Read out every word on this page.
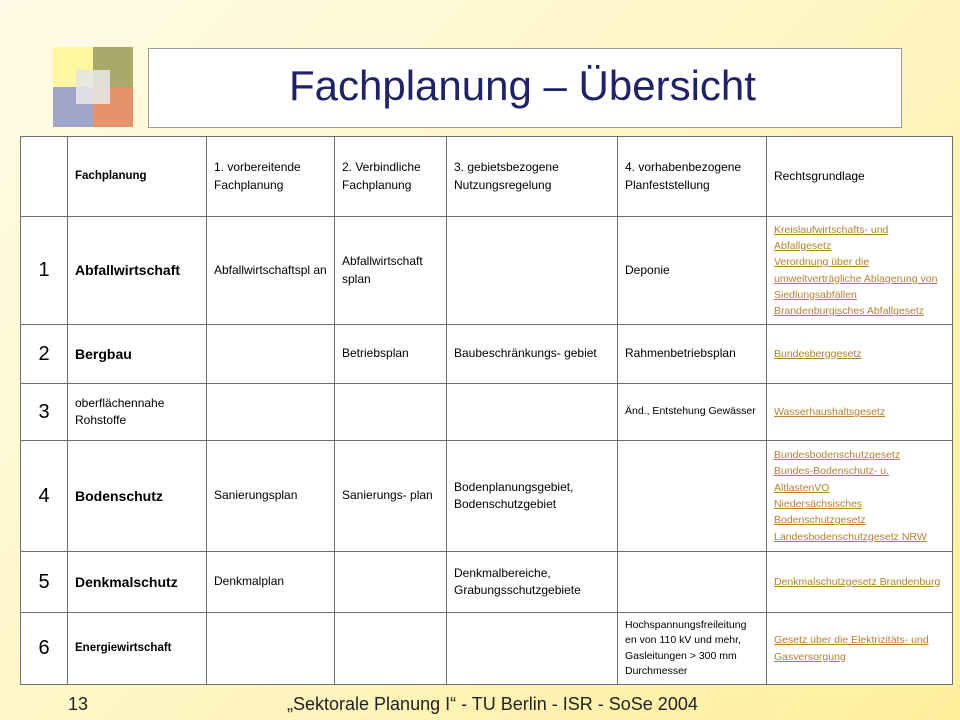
Fachplanung – Übersicht
	Fachplanung	1. vorbereitende Fachplanung	2. Verbindliche Fachplanung	3. gebietsbezogene Nutzungsregelung	4. vorhabenbezogene Planfeststellung	Rechtsgrundlage
1	Abfallwirtschaft	Abfallwirtschaftspl an	Abfallwirtschaft splan		Deponie	Kreislaufwirtschafts- und Abfallgesetz
Verordnung über die umweltverträgliche Ablagerung von Siedlungsabfällen
Brandenburgisches Abfallgesetz

2	Bergbau		Betriebsplan	Baubeschränkungs- gebiet	Rahmenbetriebsplan	Bundesberggesetz

3	oberflächennahe Rohstoffe				Änd., Entstehung Gewässer	Wasserhaushaltsgesetz

4	Bodenschutz	Sanierungsplan	Sanierungs- plan	Bodenplanungsgebiet, Bodenschutzgebiet		Bundesbodenschutzgesetz
Bundes-Bodenschutz- u. AltlastenVO
Niedersächsisches Bodenschutzgesetz
Landesbodenschutzgesetz NRW

5	Denkmalschutz	Denkmalplan		Denkmalbereiche, Grabungsschutzgebiete		Denkmalschutzgesetz Brandenburg

6	Energiewirtschaft				Hochspannungsfreileitung en von 110 kV und mehr, Gasleitungen > 300 mm Durchmesser	Gesetz über die Elektrizitäts- und Gasversorgung
13	„Sektorale Planung I“ - TU Berlin - ISR - SoSe 2004
